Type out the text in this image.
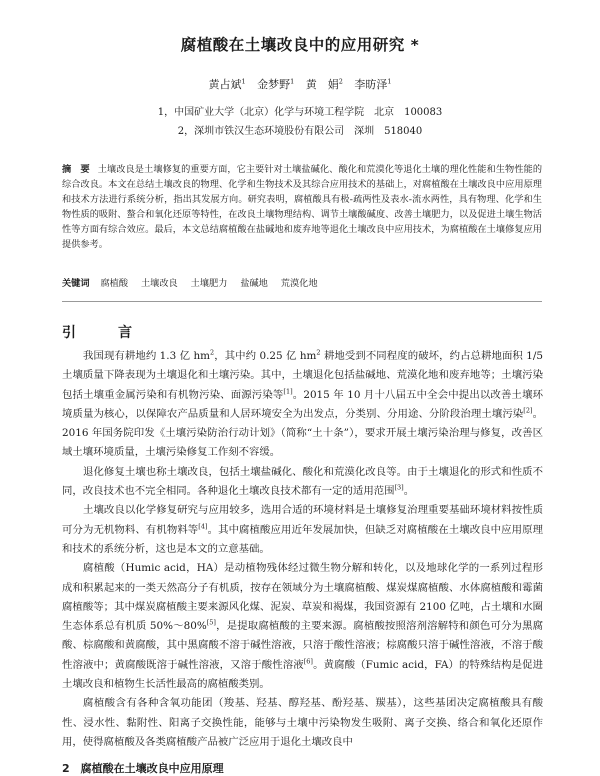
腐植酸在土壤改良中的应用研究 *
黄占斌$^1$ 金梦野$^1$ 黄　娟$^2$ 李昉泽$^1$
1，中国矿业大学（北京）化学与环境工程学院　北京　100083
2，深圳市铁汉生态环境股份有限公司　深圳　518040
摘　要 土壤改良是土壤修复的重要方面，它主要针对土壤盐碱化、酸化和荒漠化等退化土壤的理化性能和生物性能的综合改良。本文在总结土壤改良的物理、化学和生物技术及其综合应用技术的基础上，对腐植酸在土壤改良中应用原理和技术方法进行系统分析，指出其发展方向。研究表明，腐植酸具有极-疏两性及表水-流水两性，具有物理、化学和生物性质的吸附、螯合和氧化还原等特性，在改良土壤物理结构、调节土壤酸碱度、改善土壤肥力，以及促进土壤生物活性等方面有综合效应。最后，本文总结腐植酸在盐碱地和废弃地等退化土壤改良中应用技术，为腐植酸在土壤修复应用提供参考。
关键词 腐植酸 土壤改良 土壤肥力 盐碱地 荒漠化地
引　言

我国现有耕地约 1.3 亿 $hm^2$，其中约 0.25 亿 $hm^2$ 耕地受到不同程度的破坏，约占总耕地面积 1/5 土壤质量下降表现为土壤退化和土壤污染。其中，土壤退化包括盐碱地、荒漠化地和废弃地等；土壤污染包括土壤重金属污染和有机物污染、面源污染等[1]。2015 年 10 月十八届五中全会中提出以改善土壤环境质量为核心，以保障农产品质量和人居环境安全为出发点，分类别、分用途、分阶段治理土壤污染[2]。2016 年国务院印发《土壤污染防治行动计划》（简称“土十条”），要求开展土壤污染治理与修复，改善区域土壤环境质量，土壤污染修复工作刻不容缓。

退化修复土壤也称土壤改良，包括土壤盐碱化、酸化和荒漠化改良等。由于土壤退化的形式和性质不同，改良技术也不完全相同。各种退化土壤改良技术都有一定的适用范围[3]。

土壤改良以化学修复研究与应用较多，选用合适的环境材料是土壤修复治理重要基础环境材料按性质可分为无机物料、有机物料等[4]。其中腐植酸应用近年发展加快，但缺乏对腐植酸在土壤改良中应用原理和技术的系统分析，这也是本文的立意基础。

腐植酸（Humic acid，HA）是动植物残体经过微生物分解和转化，以及地球化学的一系列过程形成和积累起来的一类天然高分子有机质，按存在领域分为土壤腐植酸、煤炭煤腐植酸、水体腐植酸和霉菌腐植酸等；其中煤炭腐植酸主要来源风化煤、泥炭、草炭和褐煤，我国资源有 2100 亿吨，占土壤和水圈生态体系总有机质 50%～80%[5]，是提取腐植酸的主要来源。腐植酸按照溶剂溶解特和颜色可分为黑腐酸、棕腐酸和黄腐酸，其中黑腐酸不溶于碱性溶液，只溶于酸性溶液；棕腐酸只溶于碱性溶液，不溶于酸性溶液中；黄腐酸既溶于碱性溶液，又溶于酸性溶液[6]。黄腐酸（Fumic acid，FA）的特殊结构是促进土壤改良和植物生长活性最高的腐植酸类别。

腐植酸含有各种含氧功能团（羧基、羟基、醇羟基、酚羟基、羰基），这些基团决定腐植酸具有酸性、浸水性、黏附性、阳离子交换性能，能够与土壤中污染物发生吸附、离子交换、络合和氧化还原作用，使得腐植酸及各类腐植酸产品被广泛应用于退化土壤改良中

2　腐植酸在土壤改良中应用原理
